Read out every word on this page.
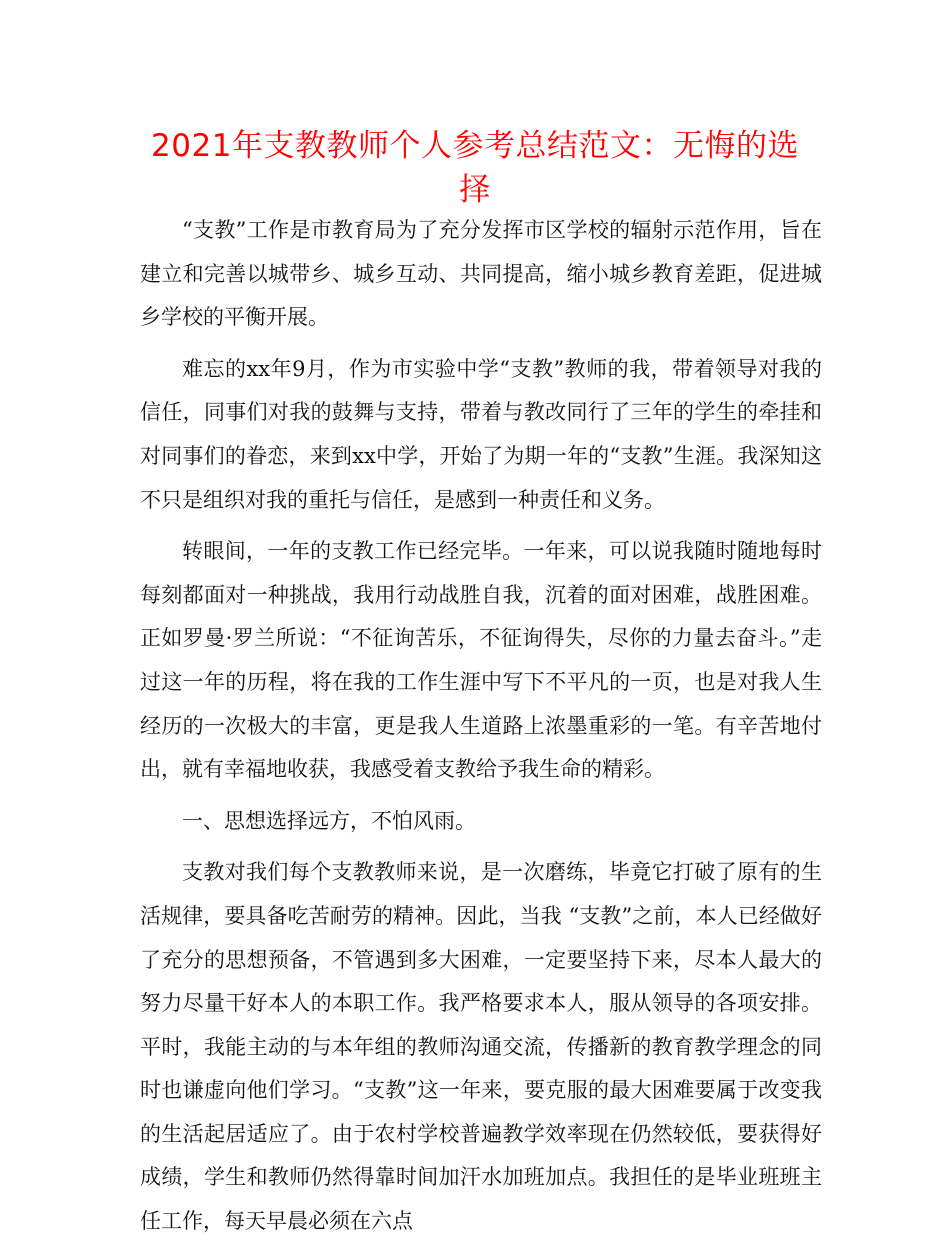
2021年支教教师个人参考总结范文：无悔的选择

“支教”工作是市教育局为了充分发挥市区学校的辐射示范作用，旨在建立和完善以城带乡、城乡互动、共同提高，缩小城乡教育差距，促进城乡学校的平衡开展。

难忘的xx年9月，作为市实验中学“支教”教师的我，带着领导对我的信任，同事们对我的鼓舞与支持，带着与教改同行了三年的学生的牵挂和对同事们的眷恋，来到xx中学，开始了为期一年的“支教”生涯。我深知这不只是组织对我的重托与信任，是感到一种责任和义务。

转眼间，一年的支教工作已经完毕。一年来，可以说我随时随地每时每刻都面对一种挑战，我用行动战胜自我，沉着的面对困难，战胜困难。正如罗曼·罗兰所说：“不征询苦乐，不征询得失，尽你的力量去奋斗。”走过这一年的历程，将在我的工作生涯中写下不平凡的一页，也是对我人生经历的一次极大的丰富，更是我人生道路上浓墨重彩的一笔。有辛苦地付出，就有幸福地收获，我感受着支教给予我生命的精彩。

一、思想选择远方，不怕风雨。

支教对我们每个支教教师来说，是一次磨练，毕竟它打破了原有的生活规律，要具备吃苦耐劳的精神。因此，当我 “支教”之前，本人已经做好了充分的思想预备，不管遇到多大困难，一定要坚持下来，尽本人最大的努力尽量干好本人的本职工作。我严格要求本人，服从领导的各项安排。平时，我能主动的与本年组的教师沟通交流，传播新的教育教学理念的同时也谦虚向他们学习。“支教”这一年来，要克服的最大困难要属于改变我的生活起居适应了。由于农村学校普遍教学效率现在仍然较低，要获得好成绩，学生和教师仍然得靠时间加汗水加班加点。我担任的是毕业班班主任工作，每天早晨必须在六点
